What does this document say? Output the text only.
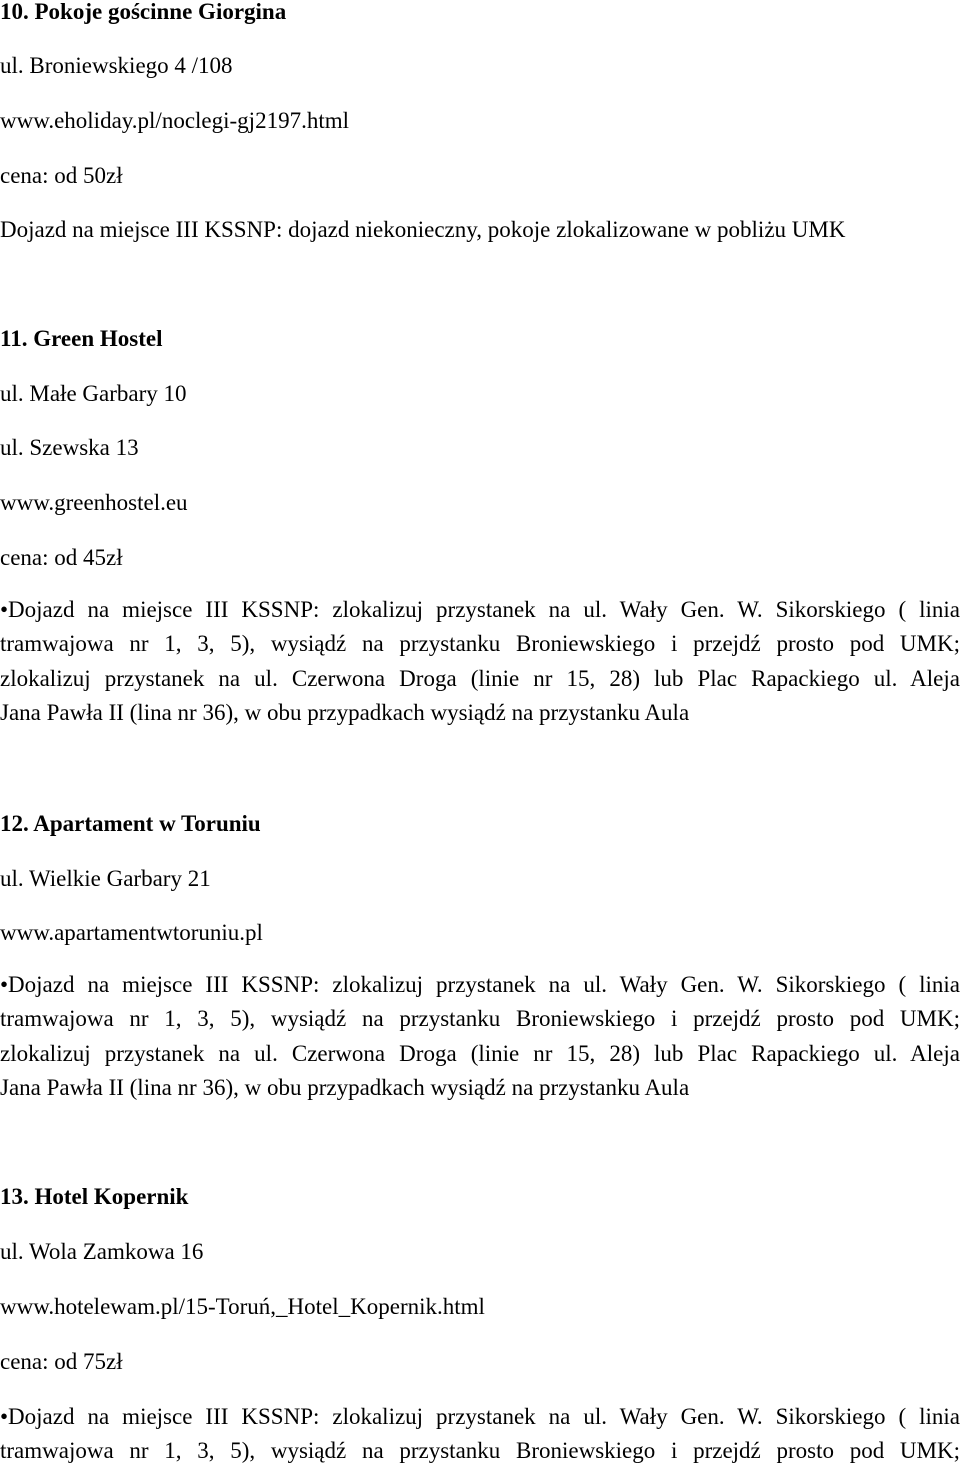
10. Pokoje gościnne Giorgina
ul. Broniewskiego 4 /108
www.eholiday.pl/noclegi-gj2197.html
cena: od 50zł
Dojazd na miejsce III KSSNP: dojazd niekonieczny, pokoje zlokalizowane w pobliżu UMK
11. Green Hostel
ul. Małe Garbary 10
ul. Szewska 13
www.greenhostel.eu
cena: od 45zł
•Dojazd na miejsce III KSSNP: zlokalizuj przystanek na ul. Wały Gen. W. Sikorskiego ( linia
tramwajowa nr 1, 3, 5), wysiądź na przystanku Broniewskiego i przejdź prosto pod UMK;
zlokalizuj przystanek na ul. Czerwona Droga (linie nr 15, 28) lub Plac Rapackiego ul. Aleja
Jana Pawła II (lina nr 36), w obu przypadkach wysiądź na przystanku Aula
12. Apartament w Toruniu
ul. Wielkie Garbary 21
www.apartamentwtoruniu.pl
•Dojazd na miejsce III KSSNP: zlokalizuj przystanek na ul. Wały Gen. W. Sikorskiego ( linia
tramwajowa nr 1, 3, 5), wysiądź na przystanku Broniewskiego i przejdź prosto pod UMK;
zlokalizuj przystanek na ul. Czerwona Droga (linie nr 15, 28) lub Plac Rapackiego ul. Aleja
Jana Pawła II (lina nr 36), w obu przypadkach wysiądź na przystanku Aula
13. Hotel Kopernik
ul. Wola Zamkowa 16
www.hotelewam.pl/15-Toruń,_Hotel_Kopernik.html
cena: od 75zł
•Dojazd na miejsce III KSSNP: zlokalizuj przystanek na ul. Wały Gen. W. Sikorskiego ( linia
tramwajowa nr 1, 3, 5), wysiądź na przystanku Broniewskiego i przejdź prosto pod UMK;
